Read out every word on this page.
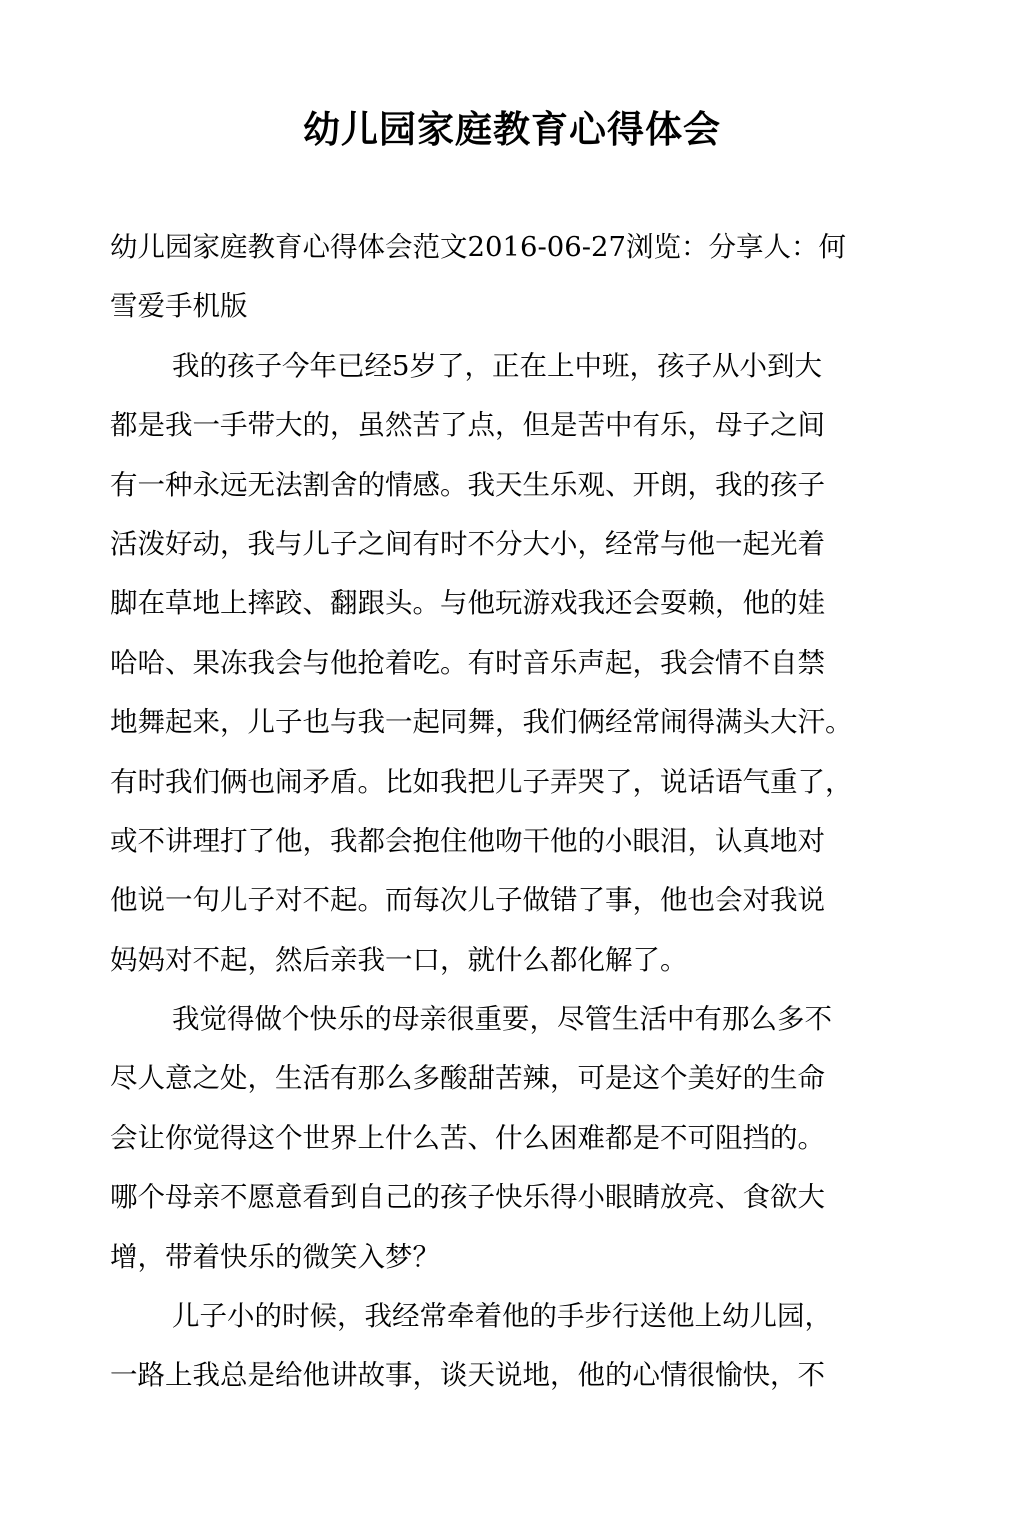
幼儿园家庭教育心得体会
幼儿园家庭教育心得体会范文2016-06-27浏览：分享人：何
雪爱手机版
我的孩子今年已经5岁了，正在上中班，孩子从小到大
都是我一手带大的，虽然苦了点，但是苦中有乐，母子之间
有一种永远无法割舍的情感。我天生乐观、开朗，我的孩子
活泼好动，我与儿子之间有时不分大小，经常与他一起光着
脚在草地上摔跤、翻跟头。与他玩游戏我还会耍赖，他的娃
哈哈、果冻我会与他抢着吃。有时音乐声起，我会情不自禁
地舞起来，儿子也与我一起同舞，我们俩经常闹得满头大汗。
有时我们俩也闹矛盾。比如我把儿子弄哭了，说话语气重了，
或不讲理打了他，我都会抱住他吻干他的小眼泪，认真地对
他说一句儿子对不起。而每次儿子做错了事，他也会对我说
妈妈对不起，然后亲我一口，就什么都化解了。
我觉得做个快乐的母亲很重要，尽管生活中有那么多不
尽人意之处，生活有那么多酸甜苦辣，可是这个美好的生命
会让你觉得这个世界上什么苦、什么困难都是不可阻挡的。
哪个母亲不愿意看到自己的孩子快乐得小眼睛放亮、食欲大
增，带着快乐的微笑入梦？
儿子小的时候，我经常牵着他的手步行送他上幼儿园，
一路上我总是给他讲故事，谈天说地，他的心情很愉快，不
